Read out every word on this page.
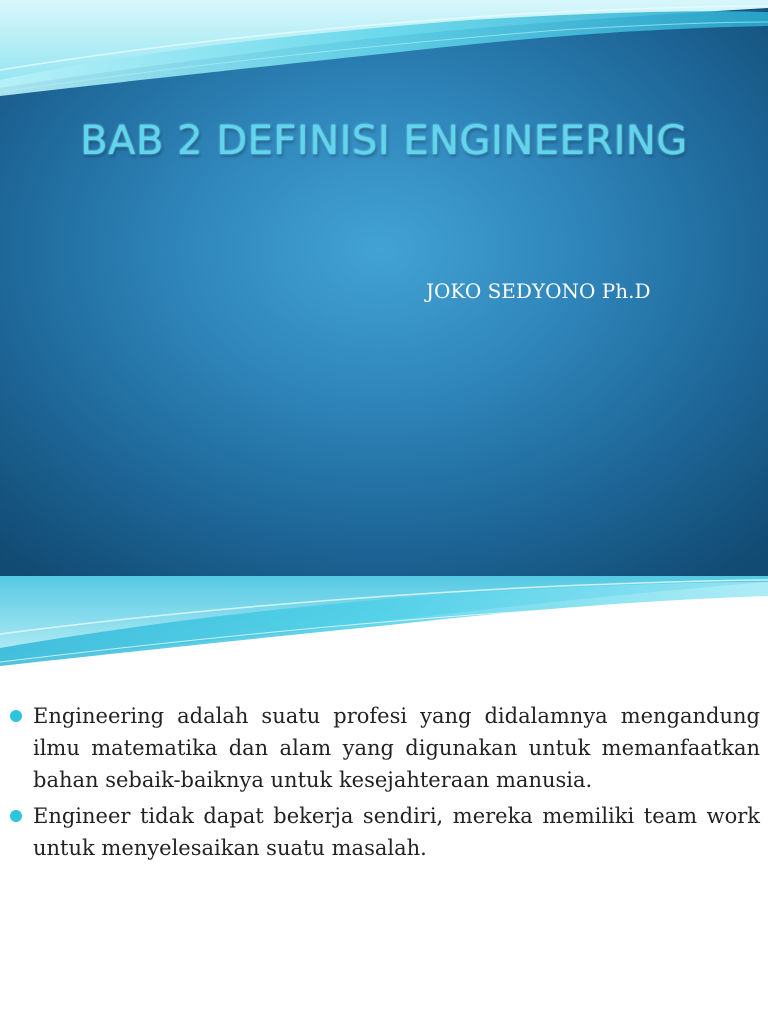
BAB 2 DEFINISI ENGINEERING
JOKO SEDYONO Ph.D
Engineering adalah suatu profesi yang didalamnya mengandung ilmu matematika dan alam yang digunakan untuk memanfaatkan bahan sebaik-baiknya untuk kesejahteraan manusia.
Engineer tidak dapat bekerja sendiri, mereka memiliki team work untuk menyelesaikan suatu masalah.
